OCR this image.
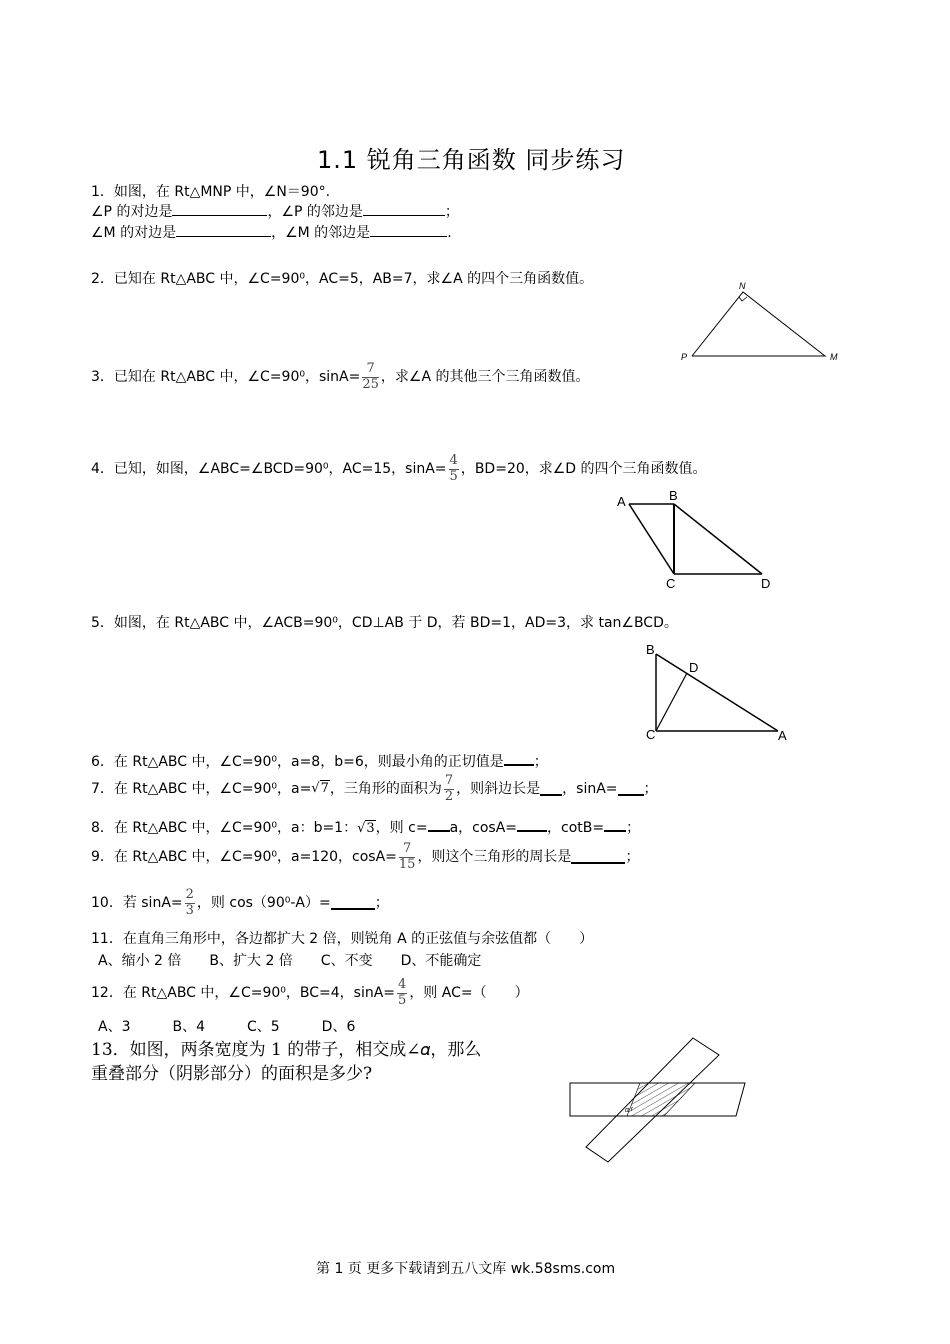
1.1 锐角三角函数 同步练习
1．如图，在 Rt△MNP 中，∠N＝90°.
∠P 的对边是	，∠P 的邻边是	；
∠M 的对边是	，∠M 的邻边是	.
2．已知在 Rt△ABC 中，∠C=90⁰，AC=5，AB=7，求∠A 的四个三角函数值。	N
P	M
3．已知在 Rt△ABC 中，∠C=90⁰，$\sin A= \frac{7}{25}$ ，求∠A 的其他三个三角函数值。
4．已知，如图，∠ABC=∠BCD=90⁰，AC=15，$\sin A= \frac{4}{5}$ ，BD=20，求∠D 的四个三角函数值。
A	B
C	D
5．如图，在 Rt△ABC 中，∠ACB=90⁰，CD⊥AB 于 D，若 BD=1，AD=3，求 tan∠BCD。
B
D
C	A
6．在 Rt△ABC 中，∠C=90⁰，a=8，b=6，则最小角的正切值是 ；
7．在 Rt△ABC 中，∠C=90⁰，a=√7，三角形的面积为 $\frac{7}{2}$ ，则斜边长是 ，sinA= ；
8．在 Rt△ABC 中，∠C=90⁰，a：b=1：√3，则 c= a，cosA= ，cotB= ；
9．在 Rt△ABC 中，∠C=90⁰，a=120，$\cos A= \frac{7}{15}$ ，则这个三角形的周长是	；
10．若 $\sin A= \frac{2}{3}$ ，则 cos（90⁰-A）=	；
11．在直角三角形中，各边都扩大 2 倍，则锐角 A 的正弦值与余弦值都（　　）
A、缩小 2 倍　　B、扩大 2 倍　　C、不变　　D、不能确定
12．在 Rt△ABC 中，∠C=90⁰，BC=4，$\sin A= \frac{4}{5}$ ，则 AC=（　　）
A、3　　　B、4　　　C、5　　　D、6
13．如图，两条宽度为 1 的带子，相交成∠𝛼，那么
重叠部分（阴影部分）的面积是多少?
α
第 1 页 更多下载请到五八文库 wk.58sms.com
